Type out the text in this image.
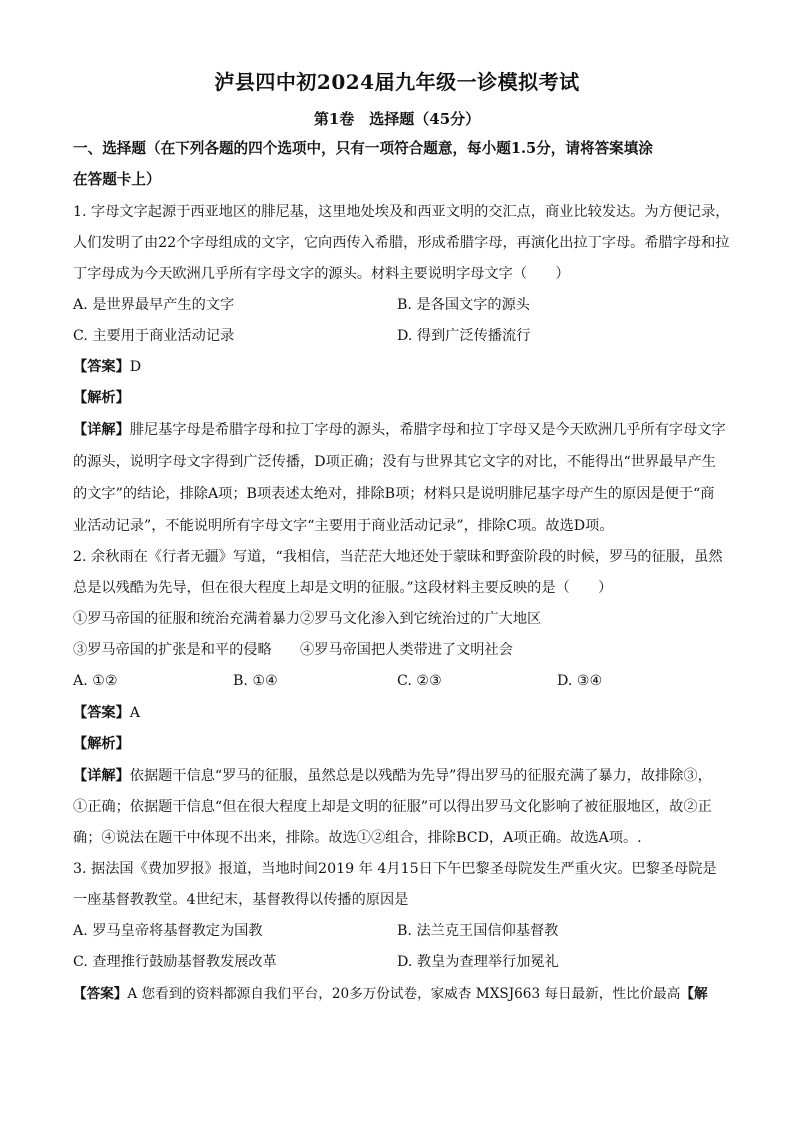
泸县四中初2024届九年级一诊模拟考试
第1卷　选择题（45分）
一、选择题（在下列各题的四个选项中，只有一项符合题意，每小题1.5分，请将答案填涂
在答题卡上）
1. 字母文字起源于西亚地区的腓尼基，这里地处埃及和西亚文明的交汇点，商业比较发达。为方便记录，
人们发明了由22个字母组成的文字，它向西传入希腊，形成希腊字母，再演化出拉丁字母。希腊字母和拉
丁字母成为今天欧洲几乎所有字母文字的源头。材料主要说明字母文字（　　）
A. 是世界最早产生的文字	B. 是各国文字的源头
C. 主要用于商业活动记录	D. 得到广泛传播流行
【答案】D
【解析】
【详解】腓尼基字母是希腊字母和拉丁字母的源头，希腊字母和拉丁字母又是今天欧洲几乎所有字母文字
的源头，说明字母文字得到广泛传播，D项正确；没有与世界其它文字的对比，不能得出“世界最早产生
的文字”的结论，排除A项；B项表述太绝对，排除B项；材料只是说明腓尼基字母产生的原因是便于“商
业活动记录”，不能说明所有字母文字“主要用于商业活动记录”，排除C项。故选D项。
2. 余秋雨在《行者无疆》写道，“我相信，当茫茫大地还处于蒙昧和野蛮阶段的时候，罗马的征服，虽然
总是以残酷为先导，但在很大程度上却是文明的征服。”这段材料主要反映的是（　　）
①罗马帝国的征服和统治充满着暴力②罗马文化渗入到它统治过的广大地区
③罗马帝国的扩张是和平的侵略　　④罗马帝国把人类带进了文明社会
A. ①②	B. ①④	C. ②③	D. ③④
【答案】A
【解析】
【详解】依据题干信息“罗马的征服，虽然总是以残酷为先导”得出罗马的征服充满了暴力，故排除③，
①正确；依据题干信息“但在很大程度上却是文明的征服”可以得出罗马文化影响了被征服地区，故②正
确；④说法在题干中体现不出来，排除。故选①②组合，排除BCD，A项正确。故选A项。.
3. 据法国《费加罗报》报道，当地时间2019 年 4月15日下午巴黎圣母院发生严重火灾。巴黎圣母院是
一座基督教教堂。4世纪末，基督教得以传播的原因是
A. 罗马皇帝将基督教定为国教	B. 法兰克王国信仰基督教
C. 查理推行鼓励基督教发展改革	D. 教皇为查理举行加冕礼
【答案】A 您看到的资料都源自我们平台，20多万份试卷，家威杏 MXSJ663 每日最新，性比价最高【解
